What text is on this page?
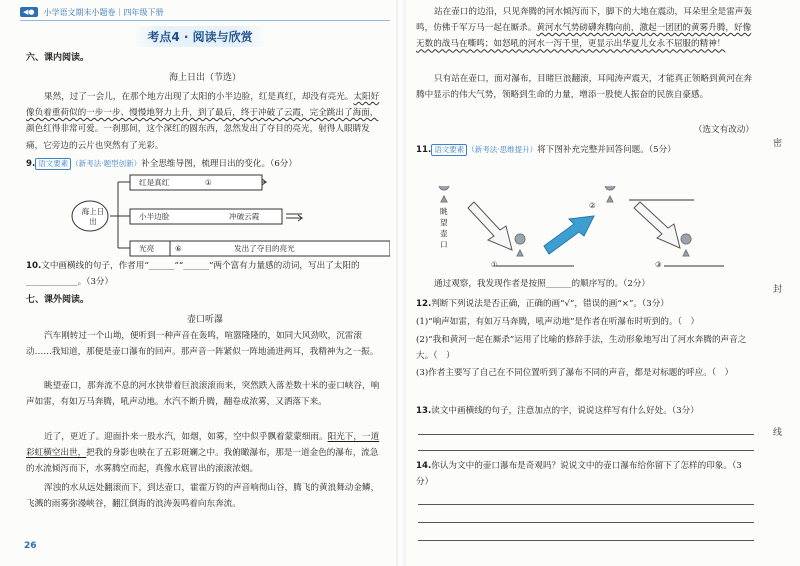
◀●	小学语文期末小题卷｜四年级下册
考点4 · 阅读与欣赏
六、课内阅读。
海上日出（节选）
果然，过了一会儿，在那个地方出现了太阳的小半边脸，红是真红，却没有亮光。太阳好像负着重荷似的一步一步、慢慢地努力上升，到了最后，终于冲破了云霞，完全跳出了海面，颜色红得非常可爱。一刹那间，这个深红的圆东西，忽然发出了夺目的亮光，射得人眼睛发痛，它旁边的云片也突然有了光彩。
9. 语文要素 （新考法·题型创新）补全思维导图，梳理日出的变化。（6分）
海上日出
红是真红
小半边脸
光亮
冲破云霞
⑥
①
发出了夺目的亮光
10.文中画横线的句子，作者用“______”“______”两个富有力量感的动词，写出了太阳的____________。（3分）
七、课外阅读。
壶口听瀑
汽车刚转过一个山坳，便听到一种声音在轰鸣，喧嚣隆隆的，如同大风劲吹，沉雷滚动……我知道，那便是壶口瀑布的回声。那声音一阵紧似一阵地涌进两耳，我精神为之一振。
眺望壶口，那奔流不息的河水挟带着巨浪滚滚而来，突然跌入落差数十米的壶口峡谷，响声如雷，有如万马奔腾，吼声动地。水汽不断升腾，翻卷成浓雾，又洒落下来。
近了，更近了。迎面扑来一股水汽，如烟，如雾，空中似乎飘着蒙蒙细雨。阳光下，一道彩虹横空出世，把我的身影也映在了五彩斑斓之中。我俯瞰瀑布，那是一道金色的瀑布，流急的水流倾泻而下，水雾腾空而起，真像水底冒出的滚滚浓烟。
浑浊的水从远处翻滚而下，到达壶口，霍霍万钧的声音响彻山谷，腾飞的黄浪舞动金鳞，飞溅的雨雾弥漫峡谷，翻江倒海的浪涛轰鸣着向东奔流。
26
站在壶口的边沿，只见奔腾的河水倾泻而下，脚下的大地在震动，耳朵里全是雷声轰鸣，仿佛千军万马一起在厮杀。黄河水气势磅礴奔腾向前，激起一团团的黄雾升腾，好像无数的战马在嘶鸣；如怒吼的河水一泻千里，更显示出华夏儿女永不屈服的精神！
只有站在壶口，面对瀑布，目睹巨浪翻滚，耳闻涛声震天，才能真正领略到黄河在奔腾中显示的伟大气势，领略到生命的力量，增添一股使人振奋的民族自豪感。
（选文有改动）
11. 语文要素 （新考法·思维提升）将下图补充完整并回答问题。（5分）
眺望壶口
②
①	③
通过观察，我发现作者是按照______的顺序写的。（2分）
12.判断下列说法是否正确，正确的画“√”，错误的画“×”。（3分）
(1)“响声如雷，有如万马奔腾，吼声动地”是作者在听瀑布时听到的。（　）
(2)“我和黄河一起在厮杀”运用了比喻的修辞手法，生动形象地写出了河水奔腾的声音之大。（　）
(3)作者主要写了自己在不同位置听到了瀑布不同的声音，都是对标题的呼应。（　）
13.读文中画横线的句子，注意加点的字，说说这样写有什么好处。（3分）
14.你认为文中的壶口瀑布是奇观吗？说说文中的壶口瀑布给你留下了怎样的印象。（3分）
密
封
线
